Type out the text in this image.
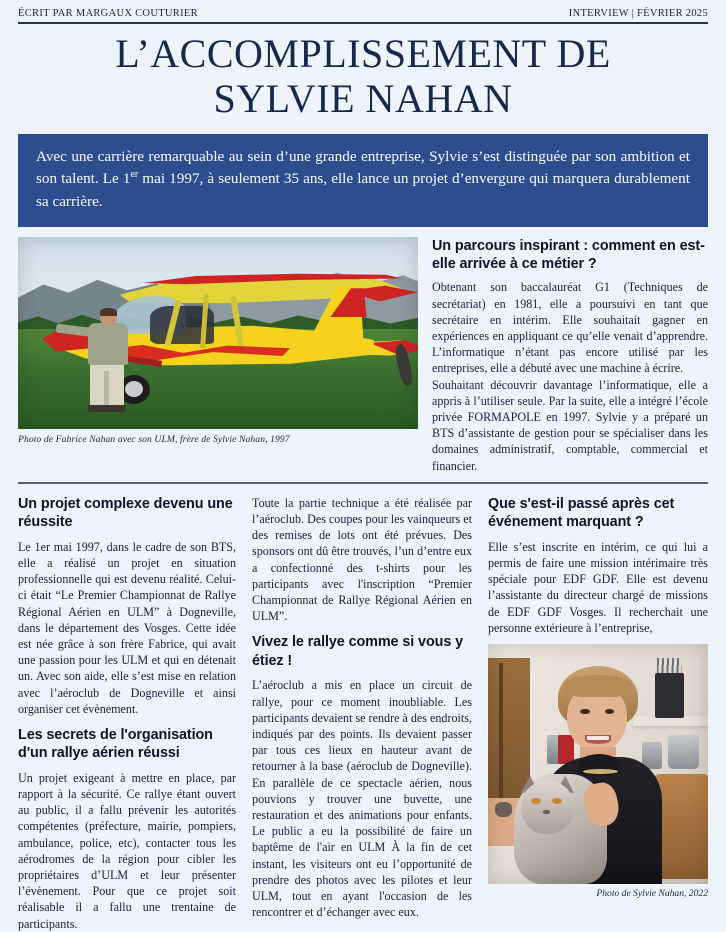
ÉCRIT PAR MARGAUX COUTURIER	INTERVIEW | FÉVRIER 2025
L’ACCOMPLISSEMENT DE
SYLVIE NAHAN
Avec une carrière remarquable au sein d’une grande entreprise, Sylvie s’est distinguée par son ambition et son talent. Le 1er mai 1997, à seulement 35 ans, elle lance un projet d’envergure qui marquera durablement sa carrière.
Photo de Fabrice Nahan avec son ULM, frère de Sylvie Nahan, 1997
Un parcours inspirant : comment en est-elle arrivée à ce métier ?

Obtenant son baccalauréat G1 (Techniques de secrétariat) en 1981, elle a poursuivi en tant que secrétaire en intérim. Elle souhaitait gagner en expériences en appliquant ce qu’elle venait d’apprendre. L’informatique n’étant pas encore utilisé par les entreprises, elle a débuté avec une machine à écrire.

Souhaitant découvrir davantage l’informatique, elle a appris à l’utiliser seule. Par la suite, elle a intégré l’école privée FORMAPOLE en 1997. Sylvie y a préparé un BTS d’assistante de gestion pour se spécialiser dans les domaines administratif, comptable, commercial et financier.

Un projet complexe devenu une réussite

Le 1er mai 1997, dans le cadre de son BTS, elle a réalisé un projet en situation professionnelle qui est devenu réalité. Celui-ci était “Le Premier Championnat de Rallye Régional Aérien en ULM” à Dogneville, dans le département des Vosges. Cette idée est née grâce à son frère Fabrice, qui avait une passion pour les ULM et qui en détenait un. Avec son aide, elle s’est mise en relation avec l’aéroclub de Dogneville et ainsi organiser cet évènement.

Les secrets de l'organisation d'un rallye aérien réussi

Un projet exigeant à mettre en place, par rapport à la sécurité. Ce rallye étant ouvert au public, il a fallu prévenir les autorités compétentes (préfecture, mairie, pompiers, ambulance, police, etc), contacter tous les aérodromes de la région pour cibler les propriétaires d’ULM et leur présenter l’évènement. Pour que ce projet soit réalisable il a fallu une trentaine de participants.

Toute la partie technique a été réalisée par l’aéroclub. Des coupes pour les vainqueurs et des remises de lots ont été prévues. Des sponsors ont dû être trouvés, l’un d’entre eux a confectionné des t-shirts pour les participants avec l'inscription “Premier Championnat de Rallye Régional Aérien en ULM”.

Vivez le rallye comme si vous y étiez !

L’aéroclub a mis en place un circuit de rallye, pour ce moment inoubliable. Les participants devaient se rendre à des endroits, indiqués par des points. Ils devaient passer par tous ces lieux en hauteur avant de retourner à la base (aéroclub de Dogneville). En parallèle de ce spectacle aérien, nous pouvions y trouver une buvette, une restauration et des animations pour enfants. Le public a eu la possibilité de faire un baptême de l'air en ULM À la fin de cet instant, les visiteurs ont eu l’opportunité de prendre des photos avec les pilotes et leur ULM, tout en ayant l'occasion de les rencontrer et d’échanger avec eux.

Que s'est-il passé après cet événement marquant ?

Elle s’est inscrite en intérim, ce qui lui a permis de faire une mission intérimaire très spéciale pour EDF GDF. Elle est devenu l’assistante du directeur chargé de missions de EDF GDF Vosges. Il recherchait une personne extérieure à l’entreprise,

Photo de Sylvie Nahan, 2022
